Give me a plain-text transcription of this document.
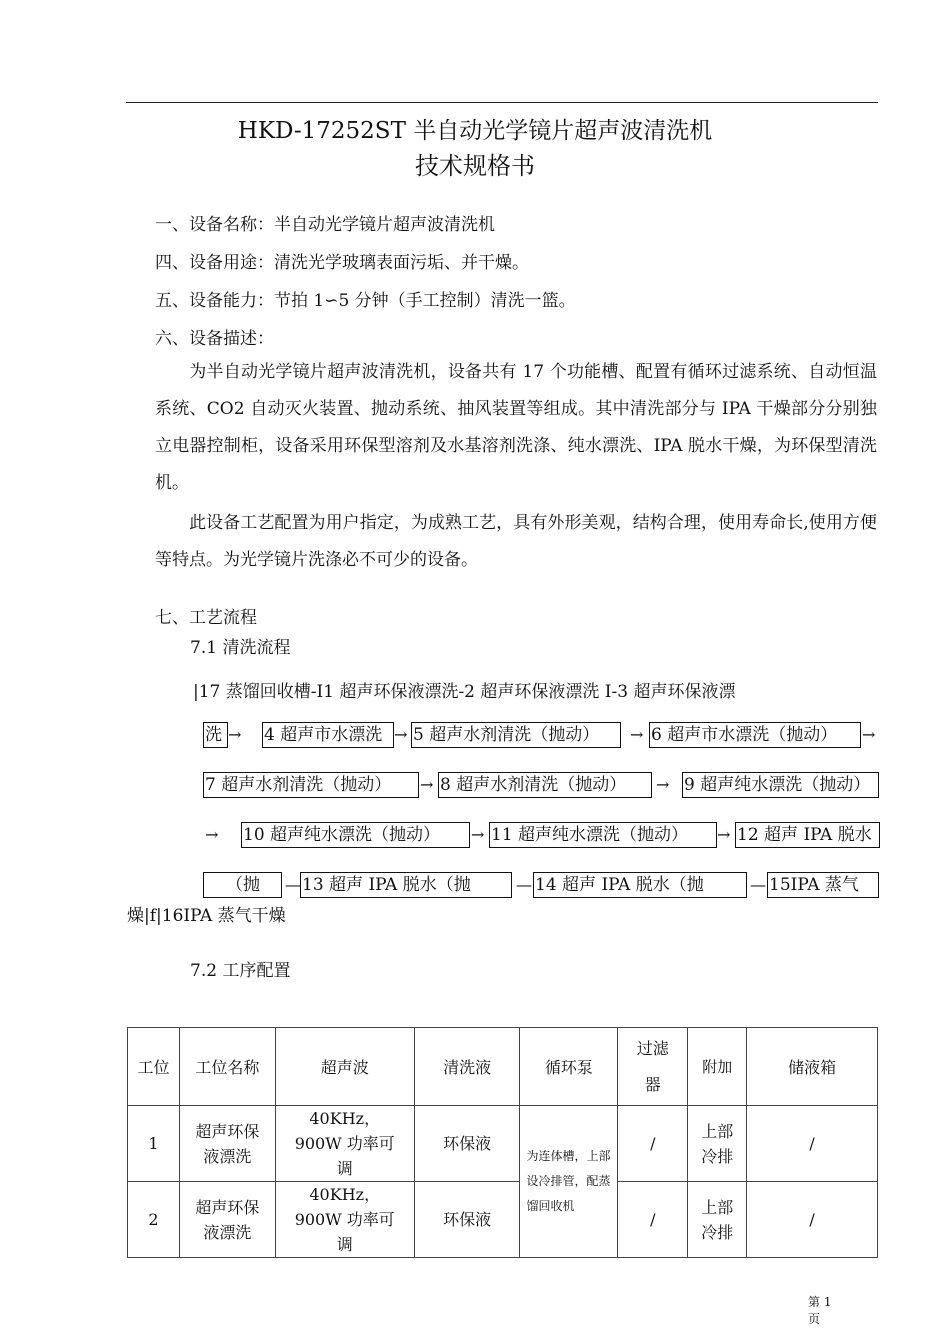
HKD-17252ST 半自动光学镜片超声波清洗机
技术规格书
一、设备名称：半自动光学镜片超声波清洗机
四、设备用途：清洗光学玻璃表面污垢、并干燥。
五、设备能力：节拍 1∽5 分钟（手工控制）清洗一篮。
六、设备描述：
为半自动光学镜片超声波清洗机，设备共有 17 个功能槽、配置有循环过滤系统、自动恒温系统、CO2 自动灭火装置、抛动系统、抽风装置等组成。其中清洗部分与 IPA 干燥部分分别独立电器控制柜，设备采用环保型溶剂及水基溶剂洗涤、纯水漂洗、IPA 脱水干燥，为环保型清洗机。
此设备工艺配置为用户指定，为成熟工艺，具有外形美观，结构合理，使用寿命长,使用方便等特点。为光学镜片洗涤必不可少的设备。
七、工艺流程
7.1 清洗流程
|17 蒸馏回收槽-I1 超声环保液漂洗-2 超声环保液漂洗 I-3 超声环保液漂
洗 → 4 超声市水漂洗 → 5 超声水剂清洗（抛动）	→ 6 超声市水漂洗（抛动）	→
7 超声水剂清洗（抛动）	→ 8 超声水剂清洗（抛动）	→ 9 超声纯水漂洗（抛动）
→ 10 超声纯水漂洗（抛动）	→ 11 超声纯水漂洗（抛动）	→ 12 超声 IPA 脱水
（抛	— 13 超声 IPA 脱水（抛	— 14 超声 IPA 脱水（抛	— 15IPA 蒸气
燥|f|16IPA 蒸气干燥
7.2 工序配置
工位	工位名称	超声波	清洗液	循环泵	过滤器	附加	储液箱
1	超声环保液漂洗	40KHz，900W 功率可调	环保液	为连体槽，上部设冷排管，配蒸馏回收机	/	上部冷排	/
2	超声环保液漂洗	40KHz，900W 功率可调	环保液		/	上部冷排	/
第 1 页
